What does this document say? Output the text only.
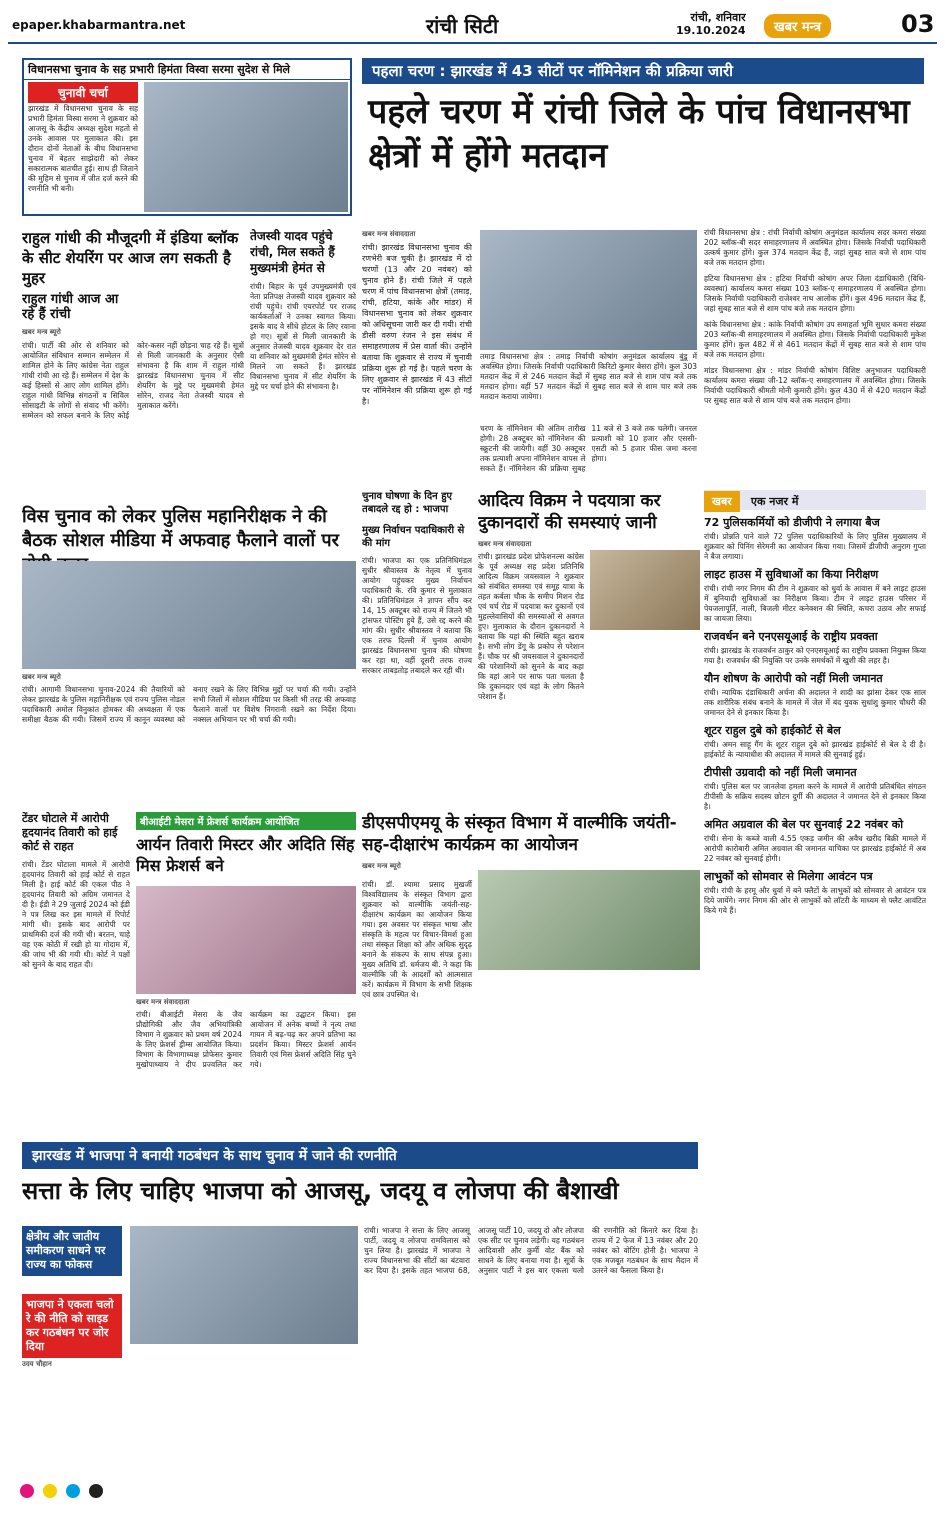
epaper.khabarmantra.net	रांची सिटी	रांची, शनिवार
19.10.2024	खबर मन्त्र	03
विधानसभा चुनाव के सह प्रभारी हिमंता विस्वा सरमा सुदेश से मिले
चुनावी चर्चा
झारखंड में विधानसभा चुनाव के सह प्रभारी हिमंता विस्वा सरमा ने शुक्रवार को आजसू के केंद्रीय अध्यक्ष सुदेश महतो से उनके आवास पर मुलाकात की। इस दौरान दोनों नेताओं के बीच विधानसभा चुनाव में बेहतर साझेदारी को लेकर सकारात्मक बातचीत हुई। साथ ही जिताने की मुहिम से चुनाव में जीत दर्ज करने की रणनीति भी बनी।
पहला चरण : झारखंड में 43 सीटों पर नॉमिनेशन की प्रक्रिया जारी
पहले चरण में रांची जिले के पांच विधानसभा क्षेत्रों में होंगे मतदान
खबर मन्त्र संवाददाता
रांची। झारखंड विधानसभा चुनाव की रणभेरी बज चुकी है। झारखंड में दो चरणों (13 और 20 नवंबर) को चुनाव होने हैं। रांची जिले में पहले चरण में पांच विधानसभा क्षेत्रों (तमाड़, रांची, हटिया, कांके और मांडर) में विधानसभा चुनाव को लेकर शुक्रवार को अधिसूचना जारी कर दी गयी। रांची डीसी वरुण रंजन ने इस संबंध में समाहरणालय में प्रेस वार्ता की। उन्होंने बताया कि शुक्रवार से राज्य में चुनावी प्रक्रिया शुरू हो गई है। पहले चरण के लिए शुक्रवार से झारखंड में 43 सीटों पर नॉमिनेशन की प्रक्रिया शुरू हो गई है।
तमाड़ विधानसभा क्षेत्र : तमाड़ निर्वाची कोषांग अनुमंडल कार्यालय बुंडू में अवस्थित होगा। जिसके निर्वाची पदाधिकारी किरिटो कुमार बेसरा होंगे। कुल 303 मतदान केंद्र में से 246 मतदान केंद्रों में सुबह सात बजे से शाम पांच बजे तक मतदान होगा। वहीं 57 मतदान केंद्रों में सुबह सात बजे से शाम चार बजे तक मतदान कराया जायेगा।
चरण के नॉमिनेशन की अंतिम तारीख होगी। 28 अक्टूबर को नॉमिनेशन की स्क्रूटनी की जायेगी। वहीं 30 अक्टूबर तक प्रत्याशी अपना नॉमिनेशन वापस ले सकते हैं। नॉमिनेशन की प्रक्रिया सुबह 11 बजे से 3 बजे तक चलेगी। जनरल प्रत्याशी को 10 हजार और एससी-एसटी को 5 हजार फीस जमा करना होगा।
रांची विधानसभा क्षेत्र : रांची निर्वाची कोषांग अनुमंडल कार्यालय सदर कमरा संख्या 202 ब्लॉक-बी सदर समाहरणालय में अवस्थित होगा। जिसके निर्वाची पदाधिकारी उत्कर्ष कुमार होंगे। कुल 374 मतदान केंद्र हैं, जहां सुबह सात बजे से शाम पांच बजे तक मतदान होगा।
हटिया विधानसभा क्षेत्र : हटिया निर्वाची कोषांग अपर जिला दंडाधिकारी (विधि-व्यवस्था) कार्यालय कमरा संख्या 103 ब्लॉक-ए समाहरणालय में अवस्थित होगा। जिसके निर्वाची पदाधिकारी राजेश्वर नाथ आलोक होंगे। कुल 496 मतदान केंद्र हैं, जहां सुबह सात बजे से शाम पांच बजे तक मतदान होगा।
कांके विधानसभा क्षेत्र : कांके निर्वाची कोषांग उप समाहर्ता भूमि सुधार कमरा संख्या 203 ब्लॉक-बी समाहरणालय में अवस्थित होगा। जिसके निर्वाची पदाधिकारी मुकेश कुमार होंगे। कुल 482 में से 461 मतदान केंद्रों में सुबह सात बजे से शाम पांच बजे तक मतदान होगा।
मांडर विधानसभा क्षेत्र : मांडर निर्वाची कोषांग विशिष्ट अनुभाजन पदाधिकारी कार्यालय कमरा संख्या जी-12 ब्लॉक-ए समाहरणालय में अवस्थित होगा। जिसके निर्वाची पदाधिकारी श्रीमती मोनी कुमारी होंगे। कुल 430 में से 420 मतदान केंद्रों पर सुबह सात बजे से शाम पांच बजे तक मतदान होगा।
राहुल गांधी की मौजूदगी में इंडिया ब्लॉक के सीट शेयरिंग पर आज लग सकती है मुहर
राहुल गांधी आज आ रहे हैं रांची
खबर मन्त्र ब्यूरो
रांची। पार्टी की ओर से शनिवार को आयोजित संविधान सम्मान सम्मेलन में शामिल होने के लिए कांग्रेस नेता राहुल गांधी रांची आ रहे हैं। सम्मेलन में देश के कई हिस्सों से आए लोग शामिल होंगे। राहुल गांधी विभिन्न संगठनों व सिविल सोसाइटी के लोगों से संवाद भी करेंगे। सम्मेलन को सफल बनाने के लिए कोई कोर-कसर नहीं छोड़ना चाह रहे हैं। सूत्रों से मिली जानकारी के अनुसार ऐसी संभावना है कि शाम में राहुल गांधी झारखंड विधानसभा चुनाव में सीट शेयरिंग के मुद्दे पर मुख्यमंत्री हेमंत सोरेन, राजद नेता तेजस्वी यादव से मुलाकात करेंगे।
तेजस्वी यादव पहुंचे रांची, मिल सकते हैं मुख्यमंत्री हेमंत से
रांची। बिहार के पूर्व उपमुख्यमंत्री एवं नेता प्रतिपक्ष तेजस्वी यादव शुक्रवार को रांची पहुंचे। रांची एयरपोर्ट पर राजद कार्यकर्ताओं ने उनका स्वागत किया। इसके बाद वे सीधे होटल के लिए रवाना हो गए। सूत्रों से मिली जानकारी के अनुसार तेजस्वी यादव शुक्रवार देर रात या शनिवार को मुख्यमंत्री हेमंत सोरेन से मिलने जा सकते हैं। झारखंड विधानसभा चुनाव में सीट शेयरिंग के मुद्दे पर चर्चा होने की संभावना है।
विस चुनाव को लेकर पुलिस महानिरीक्षक ने की बैठक सोशल मीडिया में अफवाह फैलाने वालों पर
खबर मन्त्र ब्यूरो
रांची। आगामी विधानसभा चुनाव-2024 की तैयारियों को लेकर झारखंड के पुलिस महानिरीक्षक एवं राज्य पुलिस नोडल पदाधिकारी अमोल विनुकांत होमकर की अध्यक्षता में एक समीक्षा बैठक की गयी। जिसमें राज्य में कानून व्यवस्था को बनाए रखने के लिए विभिन्न मुद्दों पर चर्चा की गयी। उन्होंने सभी जिलों में सोशल मीडिया पर किसी भी तरह की अफवाह फैलाने वालों पर विशेष निगरानी रखने का निर्देश दिया। नक्सल अभियान पर भी चर्चा की गयी।
चुनाव घोषणा के दिन हुए तबादले रद्द हो : भाजपा
मुख्य निर्वाचन पदाधिकारी से की मांग
रांची। भाजपा का एक प्रतिनिधिमंडल सुधीर श्रीवास्तव के नेतृत्व में चुनाव आयोग पहुंचकर मुख्य निर्वाचन पदाधिकारी के. रवि कुमार से मुलाकात की। प्रतिनिधिमंडल ने ज्ञापन सौंप कर 14, 15 अक्टूबर को राज्य में जितने भी ट्रांसफर पोस्टिंग हुये हैं, उसे रद्द करने की मांग की। सुधीर श्रीवास्तव ने बताया कि एक तरफ दिल्ली में चुनाव आयोग झारखंड विधानसभा चुनाव की घोषणा कर रहा था, वहीं दूसरी तरफ राज्य सरकार ताबड़तोड़ तबादले कर रही थी।
आदित्य विक्रम ने पदयात्रा कर दुकानदारों की समस्याएं जानी
खबर मन्त्र संवाददाता
रांची। झारखंड प्रदेश प्रोफेशनल्स कांग्रेस के पूर्व अध्यक्ष सह प्रदेश प्रतिनिधि आदित्य विक्रम जयसवाल ने शुक्रवार को संबंधित समस्या एवं समूह यात्रा के तहत कर्बला चौक के समीप मिशन रोड एवं चर्च रोड में पदयात्रा कर दुकानों एवं मुहल्लेवासियों की समस्याओं से अवगत हुए। मुलाकात के दौरान दुकानदारों ने बताया कि यहां की स्थिति बहुत खराब है। सभी लोग डेंगू के प्रकोप से परेशान हैं। चौक पर श्री जयसवाल ने दुकानदारों की परेशानियों को सुनने के बाद कहा कि वहां आने पर साफ पता चलता है कि दुकानदार एवं वहां के लोग कितने परेशान हैं।
टेंडर घोटाले में आरोपी हृदयानंद तिवारी को हाई कोर्ट से राहत
रांची। टेंडर घोटाला मामले में आरोपी हृदयानंद तिवारी को हाई कोर्ट से राहत मिली है। हाई कोर्ट की एकल पीठ ने हृदयानंद तिवारी को अग्रिम जमानत दे दी है। ईडी ने 29 जुलाई 2024 को ईडी ने पत्र लिख कर इस मामले में रिपोर्ट मांगी थी। इसके बाद आरोपी पर प्राथमिकी दर्ज की गयी थी। बरतन, चाहे वह एक कोठी में रखी हो या गोदाम में, की जांच भी की गयी थी। कोर्ट ने पक्षों को सुनने के बाद राहत दी।
बीआईटी मेसरा में फ्रेशर्स कार्यक्रम आयोजित
आर्यन तिवारी मिस्टर और अदिति सिंह मिस फ्रेशर्स बने
खबर मन्त्र संवाददाता
रांची। बीआईटी मेसरा के जैव प्रौद्योगिकी और जैव अभियांत्रिकी विभाग ने शुक्रवार को प्रथम वर्ष 2024 के लिए फ्रेशर्स ड्रीम्स आयोजित किया। विभाग के विभागाध्यक्ष प्रोफेसर कुमार मुखोपाध्याय ने दीप प्रज्वलित कर कार्यक्रम का उद्घाटन किया। इस आयोजन में अनेक बच्चों ने नृत्य तथा गायन में बढ़-चढ़ कर अपने प्रतिभा का प्रदर्शन किया। मिस्टर फ्रेशर्स आर्यन तिवारी एवं मिस फ्रेशर्स अदिति सिंह चुने गये।
डीएसपीएमयू के संस्कृत विभाग में वाल्मीकि जयंती-सह-दीक्षारंभ कार्यक्रम का आयोजन
खबर मन्त्र ब्यूरो
रांची। डॉ. श्यामा प्रसाद मुखर्जी विश्वविद्यालय के संस्कृत विभाग द्वारा शुक्रवार को वाल्मीकि जयंती-सह-दीक्षारंभ कार्यक्रम का आयोजन किया गया। इस अवसर पर संस्कृत भाषा और संस्कृति के महत्व पर विचार-विमर्श हुआ तथा संस्कृत शिक्षा को और अधिक सुदृढ़ बनाने के संकल्प के साथ संपन्न हुआ। मुख्य अतिथि डॉ. धर्मजय बी. ने कहा कि वाल्मीकि जी के आदर्शों को आत्मसात करें। कार्यक्रम में विभाग के सभी शिक्षक एवं छात्र उपस्थित थे।
खबर एक नजर में
72 पुलिसकर्मियों को डीजीपी ने लगाया बैज
रांची। प्रोन्नति पाने वाले 72 पुलिस पदाधिकारियों के लिए पुलिस मुख्यालय में शुक्रवार को पिनिंग सेरेमनी का आयोजन किया गया। जिसमें डीजीपी अनुराग गुप्ता ने बैज लगाया।
लाइट हाउस में सुविधाओं का किया निरीक्षण
रांची। रांची नगर निगम की टीम ने शुक्रवार को धुर्वा के आवास में बने लाइट हाउस में बुनियादी सुविधाओं का निरीक्षण किया। टीम ने लाइट हाउस परिसर में पेयजलापूर्ति, नाली, बिजली मीटर कनेक्शन की स्थिति, कचरा उठाव और सफाई का जायजा लिया।
राजवर्धन बने एनएसयूआई के राष्ट्रीय प्रवक्ता
रांची। झारखंड के राजवर्धन ठाकुर को एनएसयूआई का राष्ट्रीय प्रवक्ता नियुक्त किया गया है। राजवर्धन की नियुक्ति पर उनके समर्थकों में खुशी की लहर है।
यौन शोषण के आरोपी को नहीं मिली जमानत
रांची। न्यायिक दंडाधिकारी अर्चना की अदालत ने शादी का झांसा देकर एक साल तक शारीरिक संबंध बनाने के मामले में जेल में बंद युवक सुधांशु कुमार चौधरी की जमानत देने से इनकार किया है।
शूटर राहुल दुबे को हाईकोर्ट से बेल
रांची। अमन साहू गैंग के शूटर राहुल दुबे को झारखंड हाईकोर्ट से बेल दे दी है। हाईकोर्ट के न्यायाधीश की अदालत में मामले की सुनवाई हुई।
टीपीसी उग्रवादी को नहीं मिली जमानत
रांची। पुलिस बल पर जानलेवा हमला करने के मामले में आरोपी प्रतिबंधित संगठन टीपीसी के सक्रिय सदस्य छोटन दुर्गी की अदालत ने जमानत देने से इनकार किया है।
अमित अग्रवाल की बेल पर सुनवाई 22 नवंबर को
रांची। सेना के कब्जे वाली 4.55 एकड़ जमीन की अवैध खरीद बिक्री मामले में आरोपी कारोबारी अमित अग्रवाल की जमानत याचिका पर झारखंड हाईकोर्ट में अब 22 नवंबर को सुनवाई होगी।
लाभुकों को सोमवार से मिलेगा आवंटन पत्र
रांची। रांची के हरमू और धुर्वा में बने फ्लैटों के लाभुकों को सोमवार से आवंटन पत्र दिये जायेंगे। नगर निगम की ओर से लाभुकों को लॉटरी के माध्यम से फ्लैट आवंटित किये गये हैं।
झारखंड में भाजपा ने बनायी गठबंधन के साथ चुनाव में जाने की रणनीति
सत्ता के लिए चाहिए भाजपा को आजसू, जदयू व लोजपा की बैशाखी
क्षेत्रीय और जातीय समीकरण साधने पर राज्य का फोकस
भाजपा ने एकला चलो रे की नीति को साइड कर गठबंधन पर जोर दिया
उदय चौहान
रांची। भाजपा ने सत्ता के लिए आजसू पार्टी, जदयू व लोजपा रामविलास को चुन लिया है। झारखंड में भाजपा ने राज्य विधानसभा की सीटों का बंटवारा कर दिया है। इसके तहत भाजपा 68, आजसू पार्टी 10, जदयू दो और लोजपा एक सीट पर चुनाव लड़ेगी। यह गठबंधन आदिवासी और कुर्मी वोट बैंक को साधने के लिए बनाया गया है। सूत्रों के अनुसार पार्टी ने इस बार एकला चलो की रणनीति को किनारे कर दिया है। राज्य में 2 फेज में 13 नवंबर और 20 नवंबर को वोटिंग होनी है। भाजपा ने एक मजबूत गठबंधन के साथ मैदान में उतरने का फैसला किया है।
